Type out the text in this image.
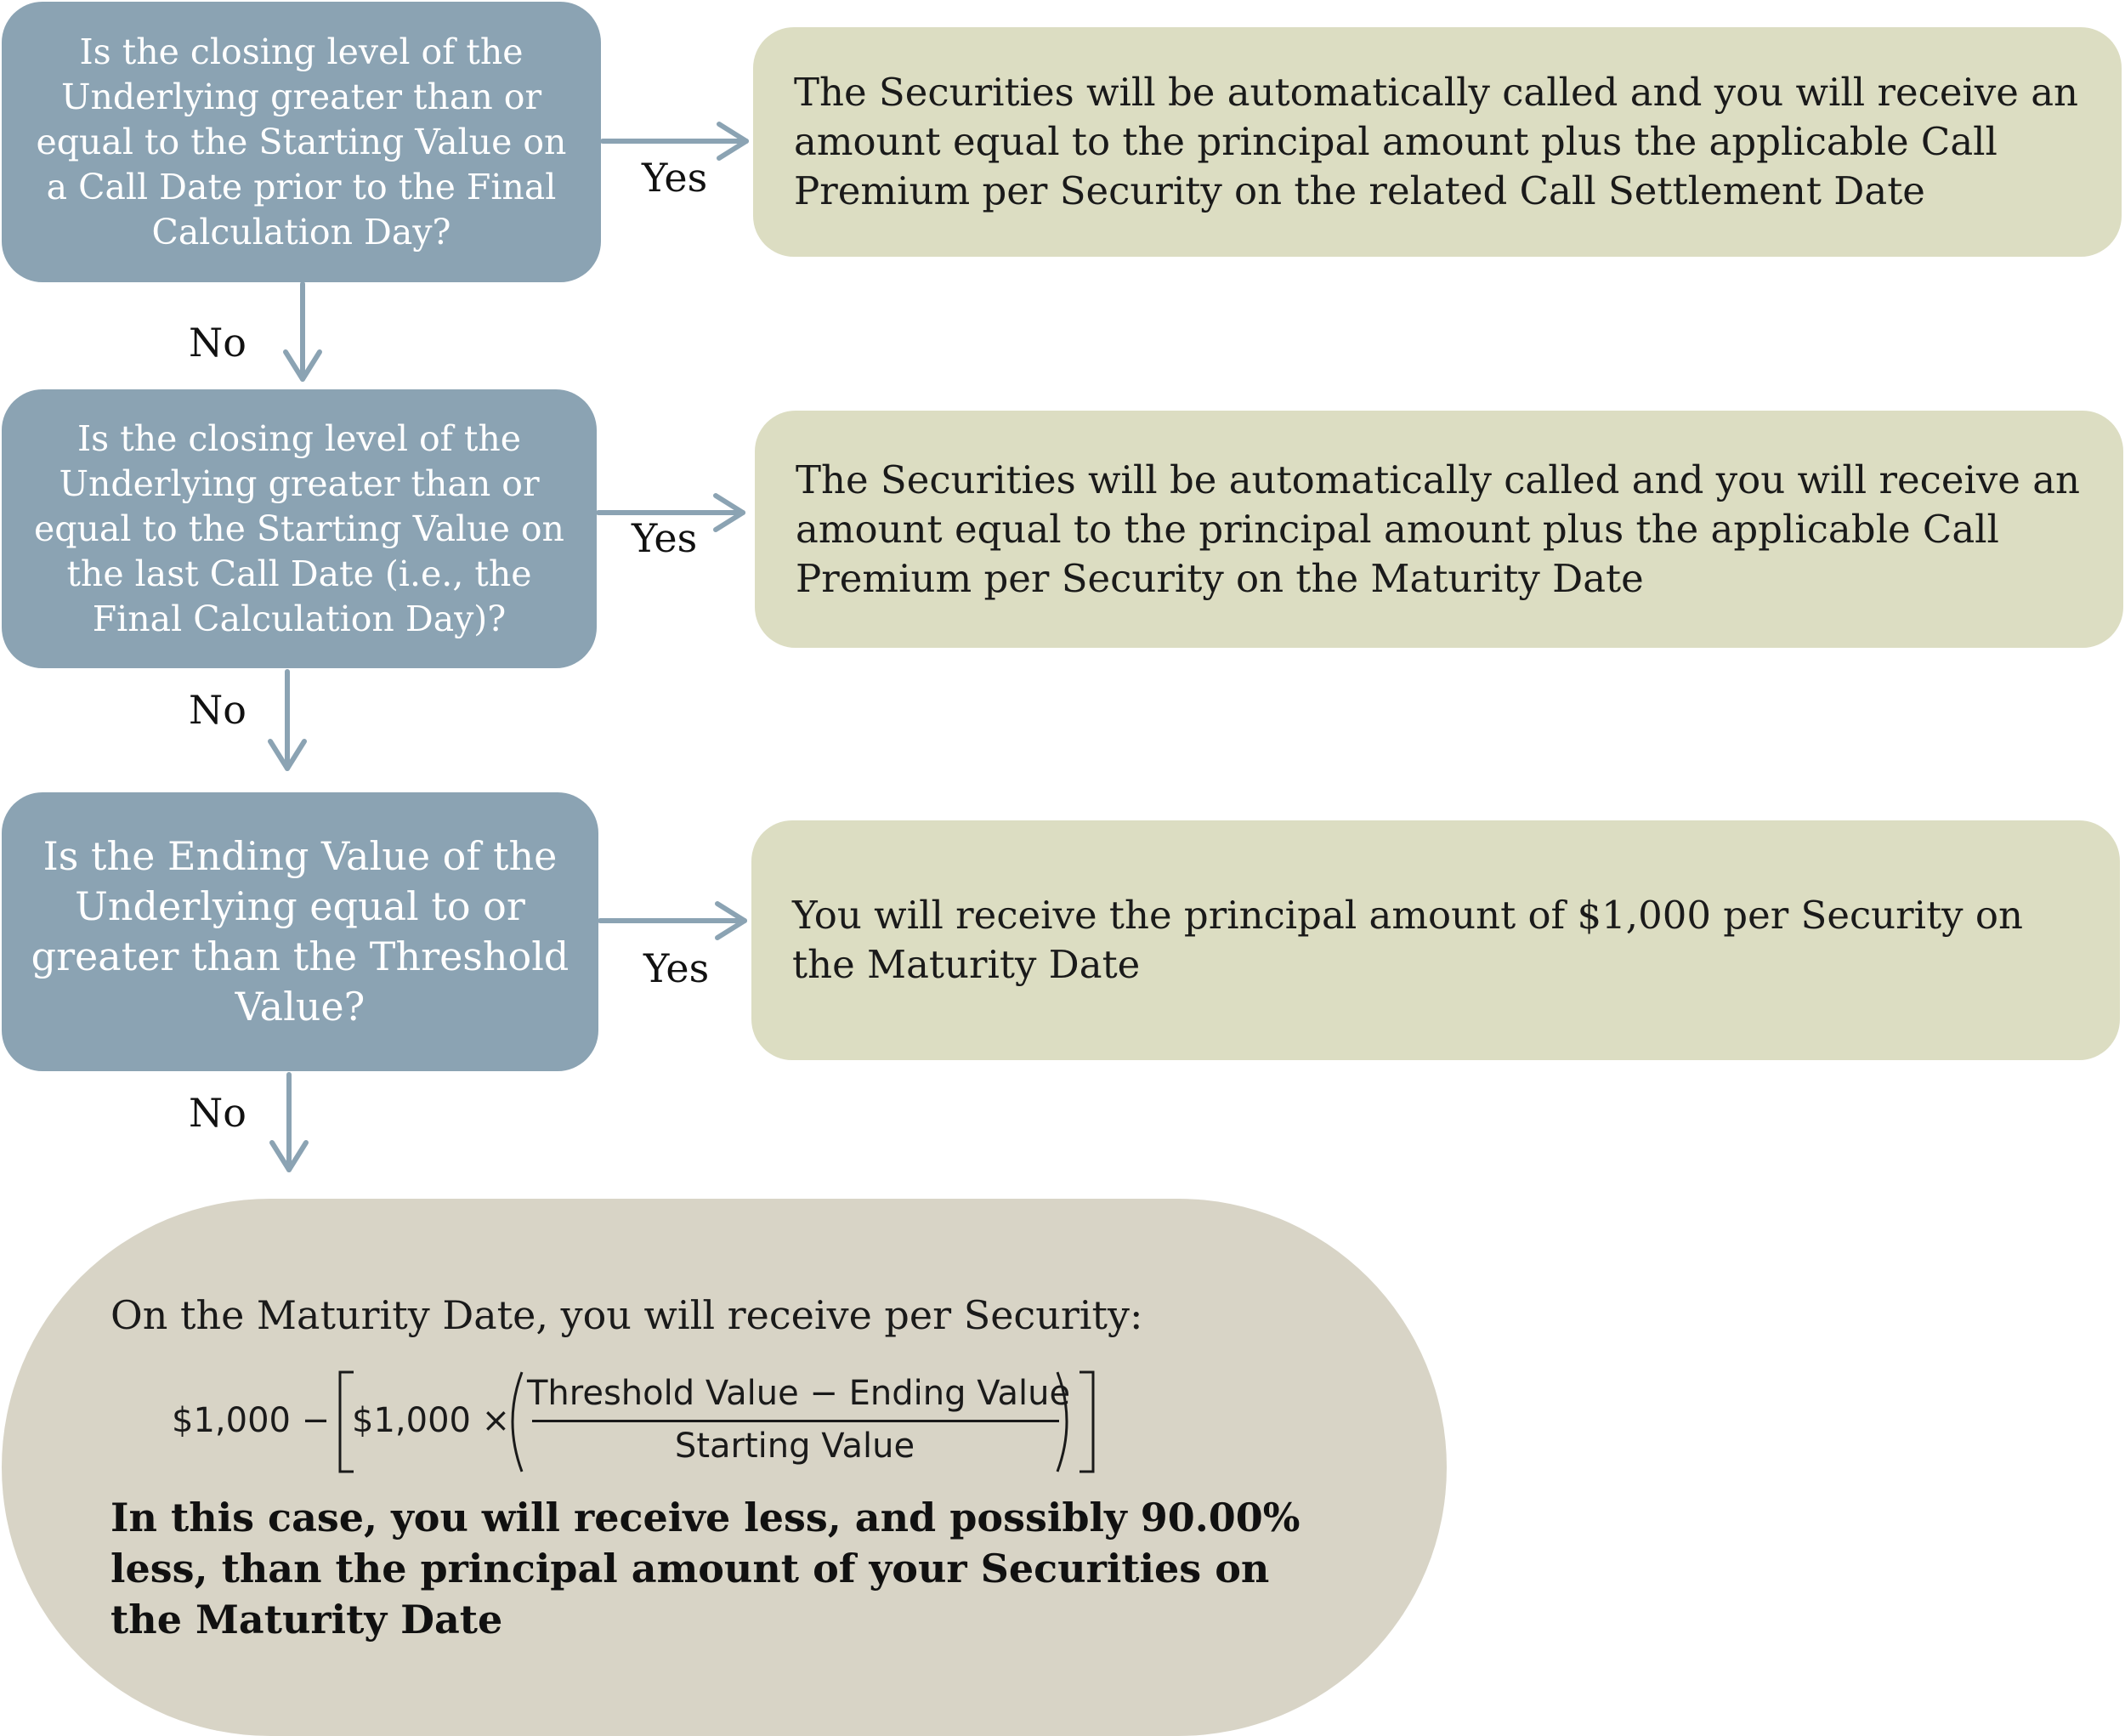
Is the closing level of the Underlying greater than or equal to the Starting Value on a Call Date prior to the Final Calculation Day?
Is the closing level of the Underlying greater than or equal to the Starting Value on the last Call Date (i.e., the Final Calculation Day)?
Is the Ending Value of the Underlying equal to or greater than the Threshold Value?
The Securities will be automatically called and you will receive an amount equal to the principal amount plus the applicable Call Premium per Security on the related Call Settlement Date
The Securities will be automatically called and you will receive an amount equal to the principal amount plus the applicable Call Premium per Security on the Maturity Date
You will receive the principal amount of $1,000 per Security on the Maturity Date
Yes
Yes
Yes
No
No
No
On the Maturity Date, you will receive per Security:
$1,000 − $1,000 ×
Threshold Value − Ending Value
Starting Value
In this case, you will receive less, and possibly 90.00% less, than the principal amount of your Securities on the Maturity Date
